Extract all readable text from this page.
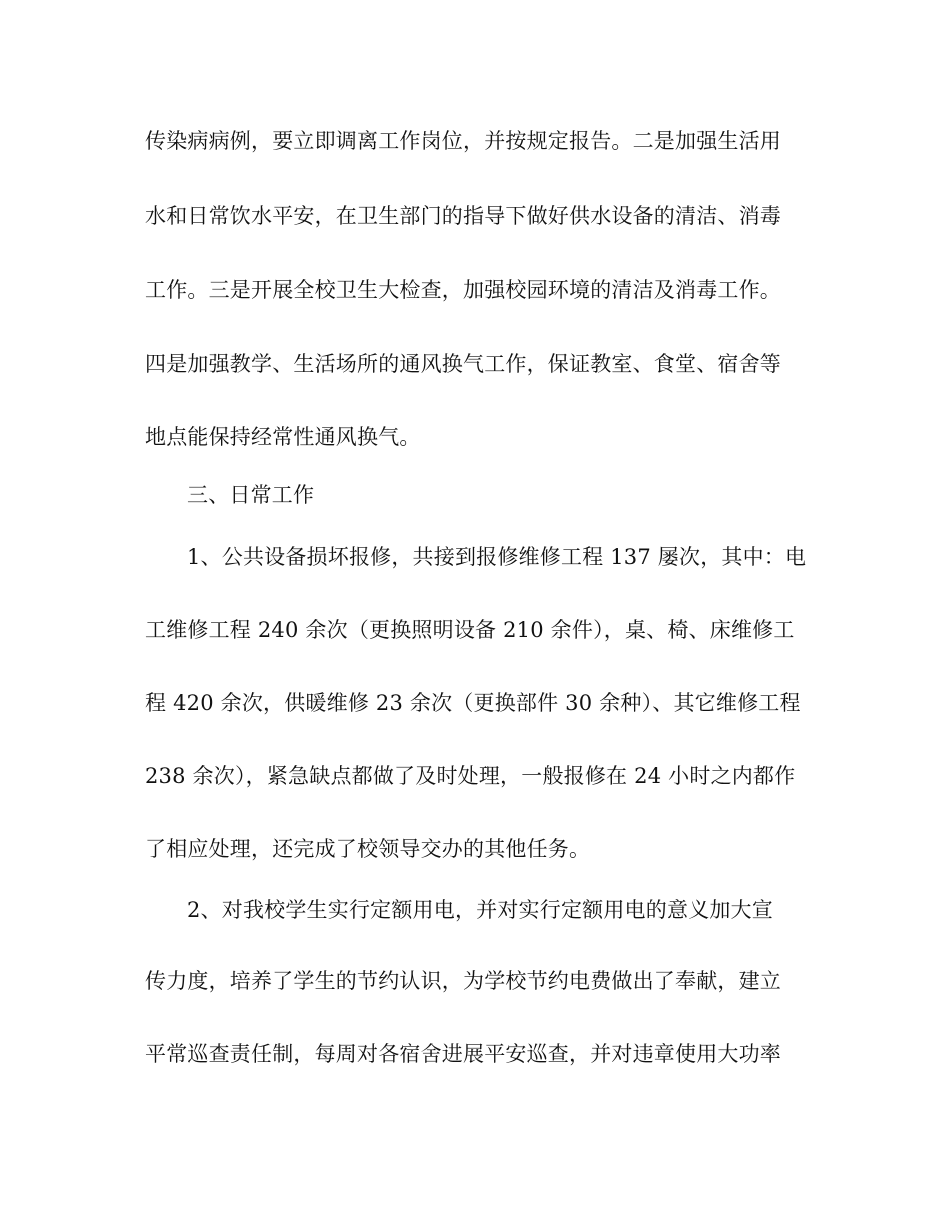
传染病病例，要立即调离工作岗位，并按规定报告。二是加强生活用
水和日常饮水平安，在卫生部门的指导下做好供水设备的清洁、消毒
工作。三是开展全校卫生大检查，加强校园环境的清洁及消毒工作。
四是加强教学、生活场所的通风换气工作，保证教室、食堂、宿舍等
地点能保持经常性通风换气。
三、日常工作
1、公共设备损坏报修，共接到报修维修工程 137 屡次，其中：电
工维修工程 240 余次（更换照明设备 210 余件），桌、椅、床维修工
程 420 余次，供暖维修 23 余次（更换部件 30 余种）、其它维修工程
238 余次），紧急缺点都做了及时处理，一般报修在 24 小时之内都作
了相应处理，还完成了校领导交办的其他任务。
2、对我校学生实行定额用电，并对实行定额用电的意义加大宣
传力度，培养了学生的节约认识，为学校节约电费做出了奉献，建立
平常巡查责任制，每周对各宿舍进展平安巡查，并对违章使用大功率
